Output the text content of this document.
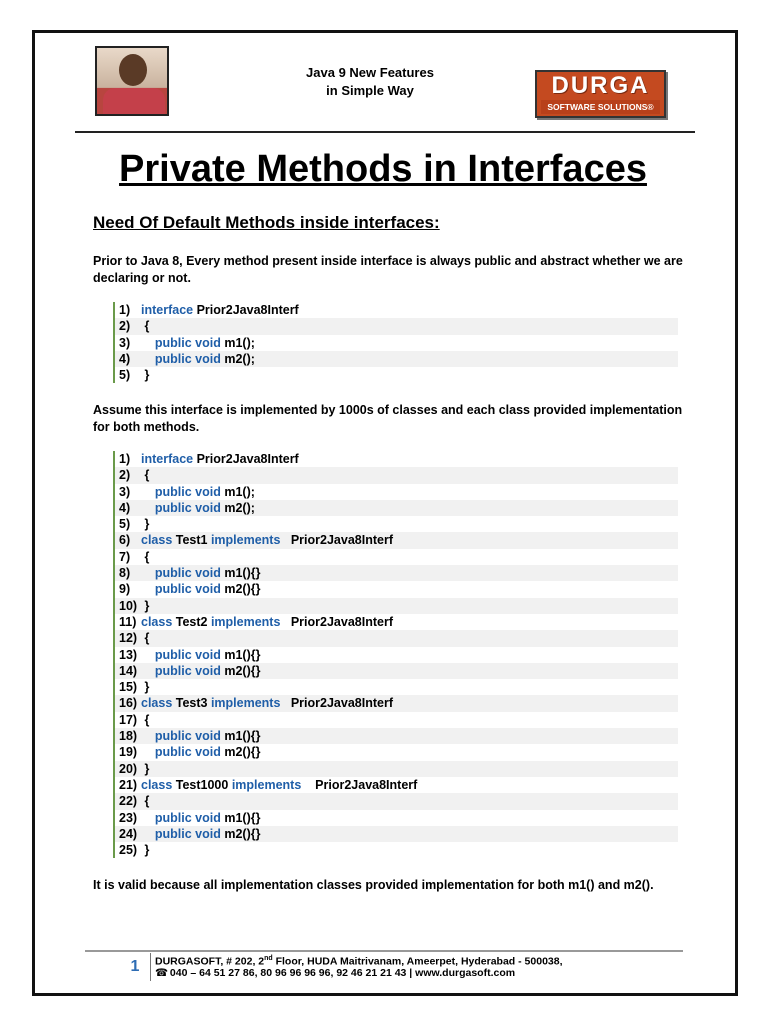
Java 9 New Features
in Simple Way	DURGA
SOFTWARE SOLUTIONS®
Private Methods in Interfaces
Need Of Default Methods inside interfaces:

Prior to Java 8, Every method present inside interface is always public and abstract whether we are declaring or not.

1) interface Prior2Java8Interf
2) {
3)    public void m1();
4)    public void m2();
5) }

Assume this interface is implemented by 1000s of classes and each class provided implementation for both methods.

1) interface Prior2Java8Interf
2) {
3)    public void m1();
4)    public void m2();
5) }
6) class Test1 implements   Prior2Java8Interf
7) {
8)    public void m1(){}
9)    public void m2(){}
10) }
11) class Test2 implements   Prior2Java8Interf
12) {
13)    public void m1(){}
14)    public void m2(){}
15) }
16) class Test3 implements   Prior2Java8Interf
17) {
18)    public void m1(){}
19)    public void m2(){}
20) }
21) class Test1000 implements    Prior2Java8Interf
22) {
23)    public void m1(){}
24)    public void m2(){}
25) }

It is valid because all implementation classes provided implementation for both m1() and m2().

1	DURGASOFT, # 202, 2nd Floor, HUDA Maitrivanam, Ameerpet, Hyderabad - 500038,
☎ 040 – 64 51 27 86, 80 96 96 96 96, 92 46 21 21 43 | www.durgasoft.com
